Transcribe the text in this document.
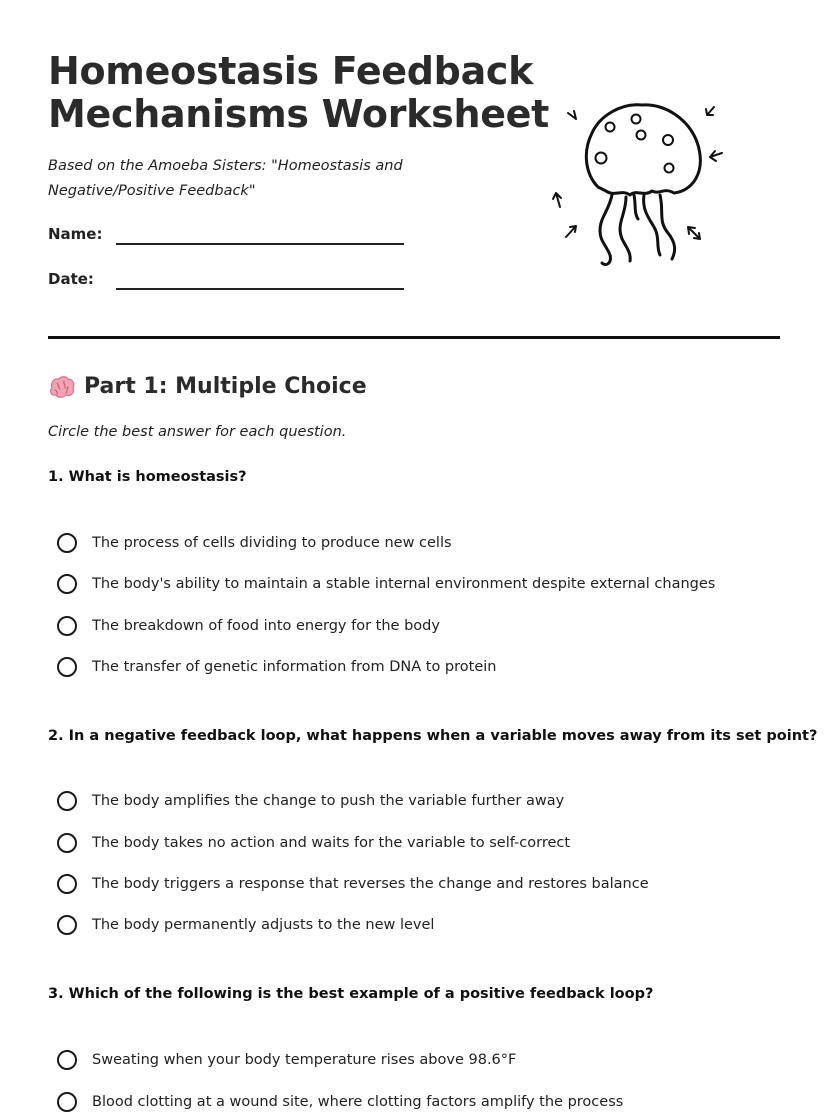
Homeostasis Feedback
Mechanisms Worksheet
Based on the Amoeba Sisters: "Homeostasis and
Negative/Positive Feedback"
Name:
Date:
Part 1: Multiple Choice
Circle the best answer for each question.
1. What is homeostasis?
The process of cells dividing to produce new cells
The body's ability to maintain a stable internal environment despite external changes
The breakdown of food into energy for the body
The transfer of genetic information from DNA to protein
2. In a negative feedback loop, what happens when a variable moves away from its set point?
The body amplifies the change to push the variable further away
The body takes no action and waits for the variable to self-correct
The body triggers a response that reverses the change and restores balance
The body permanently adjusts to the new level
3. Which of the following is the best example of a positive feedback loop?
Sweating when your body temperature rises above 98.6°F
Blood clotting at a wound site, where clotting factors amplify the process
